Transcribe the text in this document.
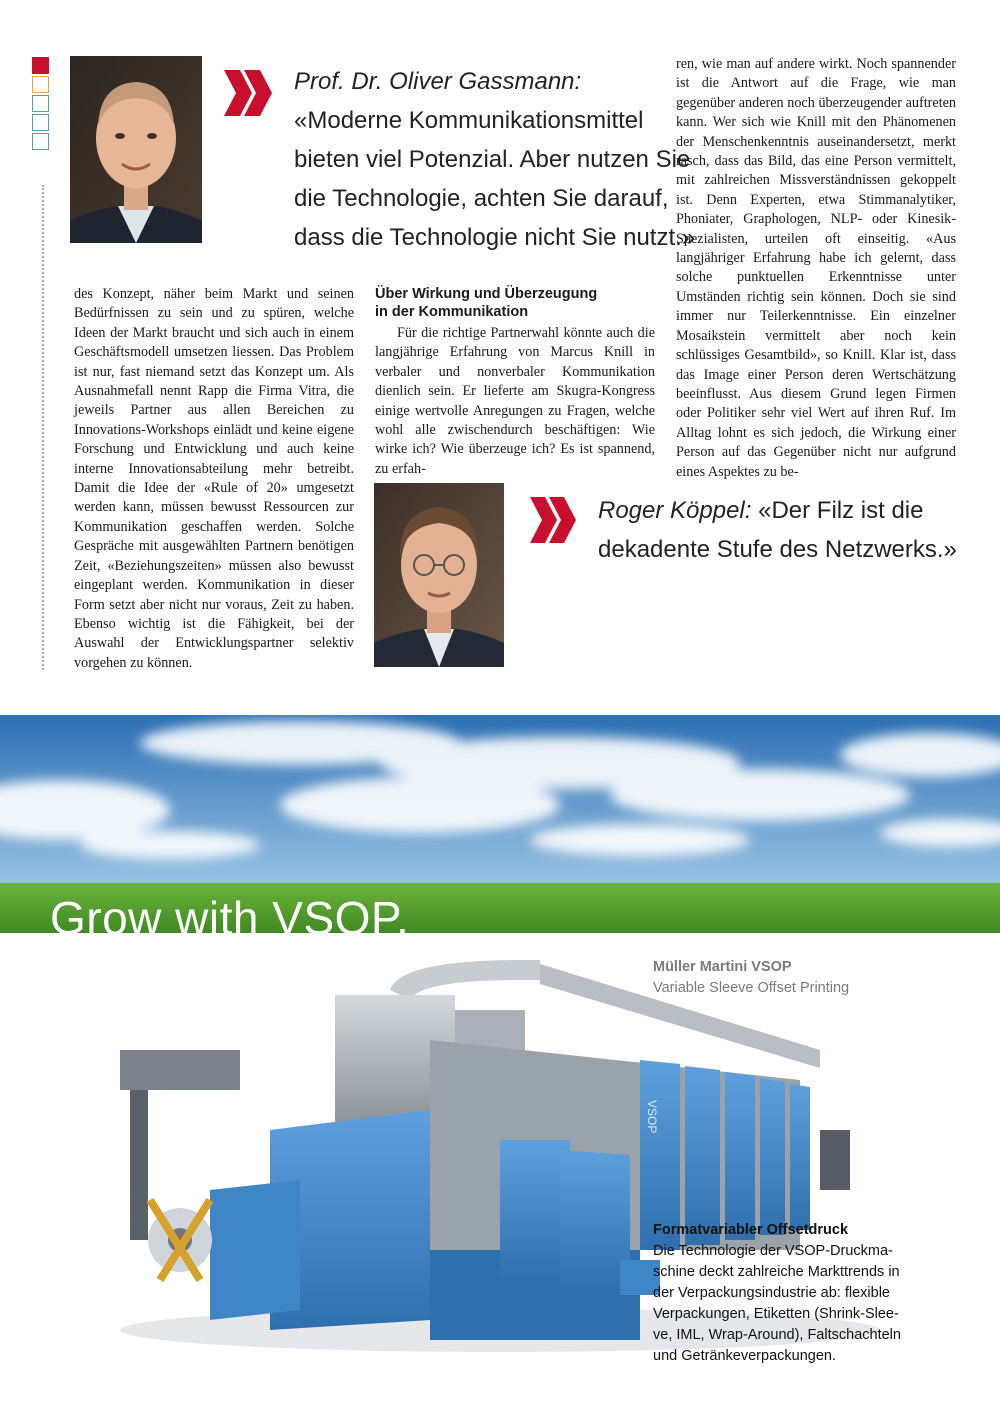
Prof. Dr. Oliver Gassmann:
«Moderne Kommunikationsmittel
bieten viel Potenzial. Aber nutzen Sie
die Technologie, achten Sie darauf,
dass die Technologie nicht Sie nutzt.»
Roger Köppel: «Der Filz ist die
dekadente Stufe des Netzwerks.»

des Konzept, näher beim Markt und seinen Bedürfnissen zu sein und zu spüren, welche Ideen der Markt braucht und sich auch in einem Geschäftsmodell umsetzen liessen. Das Problem ist nur, fast niemand setzt das Konzept um. Als Ausnahmefall nennt Rapp die Firma Vitra, die jeweils Partner aus allen Bereichen zu Innovations-Workshops einlädt und keine eigene Forschung und Entwicklung und auch keine interne Innovationsabteilung mehr betreibt. Damit die Idee der «Rule of 20» umgesetzt werden kann, müssen bewusst Ressourcen zur Kommunikation geschaffen werden. Solche Gespräche mit ausgewählten Partnern benötigen Zeit, «Beziehungszeiten» müssen also bewusst eingeplant werden. Kommunikation in dieser Form setzt aber nicht nur voraus, Zeit zu haben. Ebenso wichtig ist die Fähigkeit, bei der Auswahl der Entwicklungspartner selektiv vorgehen zu können.

Über Wirkung und Überzeugung
in der Kommunikation

Für die richtige Partnerwahl könnte auch die langjährige Erfahrung von Marcus Knill in verbaler und nonverbaler Kommunikation dienlich sein. Er lieferte am Skugra-Kongress einige wertvolle Anregungen zu Fragen, welche wohl alle zwischendurch beschäftigen: Wie wirke ich? Wie überzeuge ich? Es ist spannend, zu erfah-

ren, wie man auf andere wirkt. Noch spannender ist die Antwort auf die Frage, wie man gegenüber anderen noch überzeugender auftreten kann. Wer sich wie Knill mit den Phänomenen der Menschenkenntnis auseinandersetzt, merkt rasch, dass das Bild, das eine Person vermittelt, mit zahlreichen Missverständnissen gekoppelt ist. Denn Experten, etwa Stimmanalytiker, Phoniater, Graphologen, NLP- oder Kinesik-Spezialisten, urteilen oft einseitig. «Aus langjähriger Erfahrung habe ich gelernt, dass solche punktuellen Erkenntnisse unter Umständen richtig sein können. Doch sie sind immer nur Teilerkenntnisse. Ein einzelner Mosaikstein vermittelt aber noch kein schlüssiges Gesamtbild», so Knill. Klar ist, dass das Image einer Person deren Wertschätzung beeinflusst. Aus diesem Grund legen Firmen oder Politiker sehr viel Wert auf ihren Ruf. Im Alltag lohnt es sich jedoch, die Wirkung einer Person auf das Gegenüber nicht nur aufgrund eines Aspektes zu be-

Grow with VSOP.
VSOP
Müller Martini VSOP
Variable Sleeve Offset Printing
Formatvariabler Offsetdruck
Die Technologie der VSOP-Druckma-
schine deckt zahlreiche Markttrends in
der Verpackungsindustrie ab: flexible
Verpackungen, Etiketten (Shrink-Slee-
ve, IML, Wrap-Around), Faltschachteln
und Getränkeverpackungen.
